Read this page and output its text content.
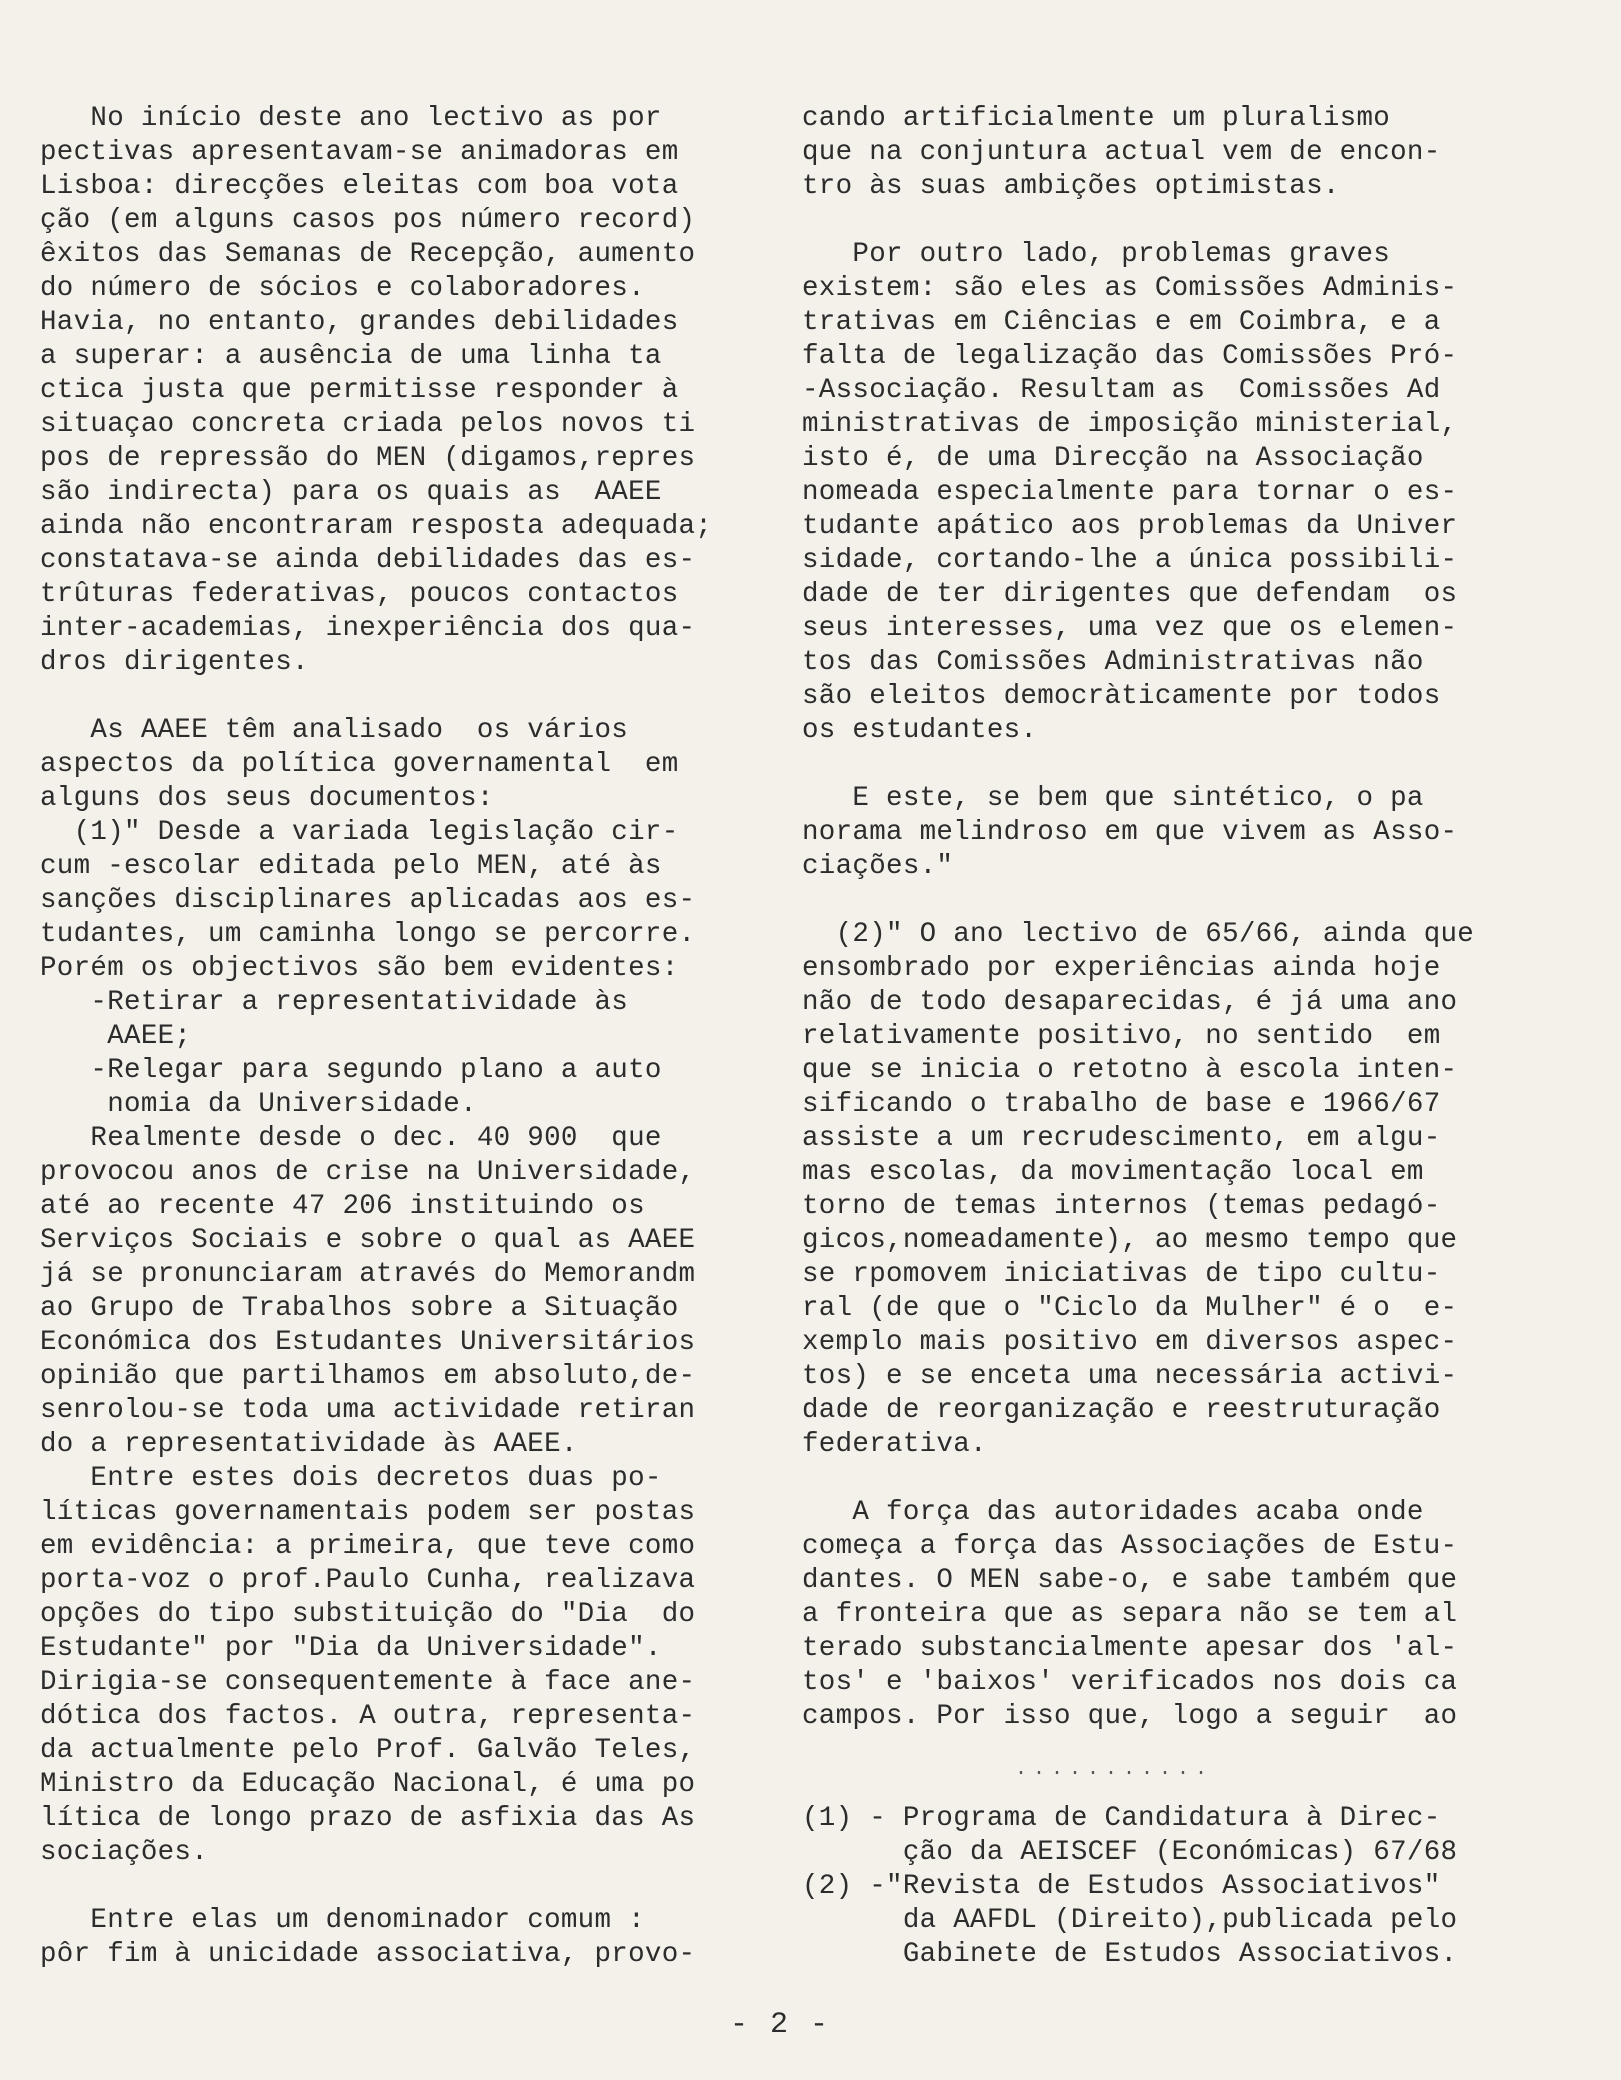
No início deste ano lectivo as por
pectivas apresentavam-se animadoras em
Lisboa: direcções eleitas com boa vota
ção (em alguns casos pos número record)
êxitos das Semanas de Recepção, aumento
do número de sócios e colaboradores.
Havia, no entanto, grandes debilidades
a superar: a ausência de uma linha ta
ctica justa que permitisse responder à
situaçao concreta criada pelos novos ti
pos de repressão do MEN (digamos,repres
são indirecta) para os quais as  AAEE
ainda não encontraram resposta adequada;
constatava-se ainda debilidades das es-
trûturas federativas, poucos contactos
inter-academias, inexperiência dos qua-
dros dirigentes.
As AAEE têm analisado  os vários
aspectos da política governamental  em
alguns dos seus documentos:
(1)" Desde a variada legislação cir-
cum -escolar editada pelo MEN, até às
sanções disciplinares aplicadas aos es-
tudantes, um caminha longo se percorre.
Porém os objectivos são bem evidentes:
-Retirar a representatividade às
AAEE;
-Relegar para segundo plano a auto
nomia da Universidade.
Realmente desde o dec. 40 900  que
provocou anos de crise na Universidade,
até ao recente 47 206 instituindo os
Serviços Sociais e sobre o qual as AAEE
já se pronunciaram através do Memorandm
ao Grupo de Trabalhos sobre a Situação
Económica dos Estudantes Universitários
opinião que partilhamos em absoluto,de-
senrolou-se toda uma actividade retiran
do a representatividade às AAEE.
Entre estes dois decretos duas po-
líticas governamentais podem ser postas
em evidência: a primeira, que teve como
porta-voz o prof.Paulo Cunha, realizava
opções do tipo substituição do "Dia  do
Estudante" por "Dia da Universidade".
Dirigia-se consequentemente à face ane-
dótica dos factos. A outra, representa-
da actualmente pelo Prof. Galvão Teles,
Ministro da Educação Nacional, é uma po
lítica de longo prazo de asfixia das As
sociações.
Entre elas um denominador comum :
pôr fim à unicidade associativa, provo-
cando artificialmente um pluralismo
que na conjuntura actual vem de encon-
tro às suas ambições optimistas.
Por outro lado, problemas graves
existem: são eles as Comissões Adminis-
trativas em Ciências e em Coimbra, e a
falta de legalização das Comissões Pró-
-Associação. Resultam as  Comissões Ad
ministrativas de imposição ministerial,
isto é, de uma Direcção na Associação
nomeada especialmente para tornar o es-
tudante apático aos problemas da Univer
sidade, cortando-lhe a única possibili-
dade de ter dirigentes que defendam  os
seus interesses, uma vez que os elemen-
tos das Comissões Administrativas não
são eleitos democràticamente por todos
os estudantes.
E este, se bem que sintético, o pa
norama melindroso em que vivem as Asso-
ciações."
(2)" O ano lectivo de 65/66, ainda que
ensombrado por experiências ainda hoje
não de todo desaparecidas, é já uma ano
relativamente positivo, no sentido  em
que se inicia o retotno à escola inten-
sificando o trabalho de base e 1966/67
assiste a um recrudescimento, em algu-
mas escolas, da movimentação local em
torno de temas internos (temas pedagó-
gicos,nomeadamente), ao mesmo tempo que
se rpomovem iniciativas de tipo cultu-
ral (de que o "Ciclo da Mulher" é o  e-
xemplo mais positivo em diversos aspec-
tos) e se enceta uma necessária activi-
dade de reorganização e reestruturação
federativa.
A força das autoridades acaba onde
começa a força das Associações de Estu-
dantes. O MEN sabe-o, e sabe também que
a fronteira que as separa não se tem al
terado substancialmente apesar dos 'al-
tos' e 'baixos' verificados nos dois ca
campos. Por isso que, logo a seguir  ao
(1) - Programa de Candidatura à Direc-
ção da AEISCEF (Económicas) 67/68
(2) -"Revista de Estudos Associativos"
da AAFDL (Direito),publicada pelo
Gabinete de Estudos Associativos.
...........
- 2 -
